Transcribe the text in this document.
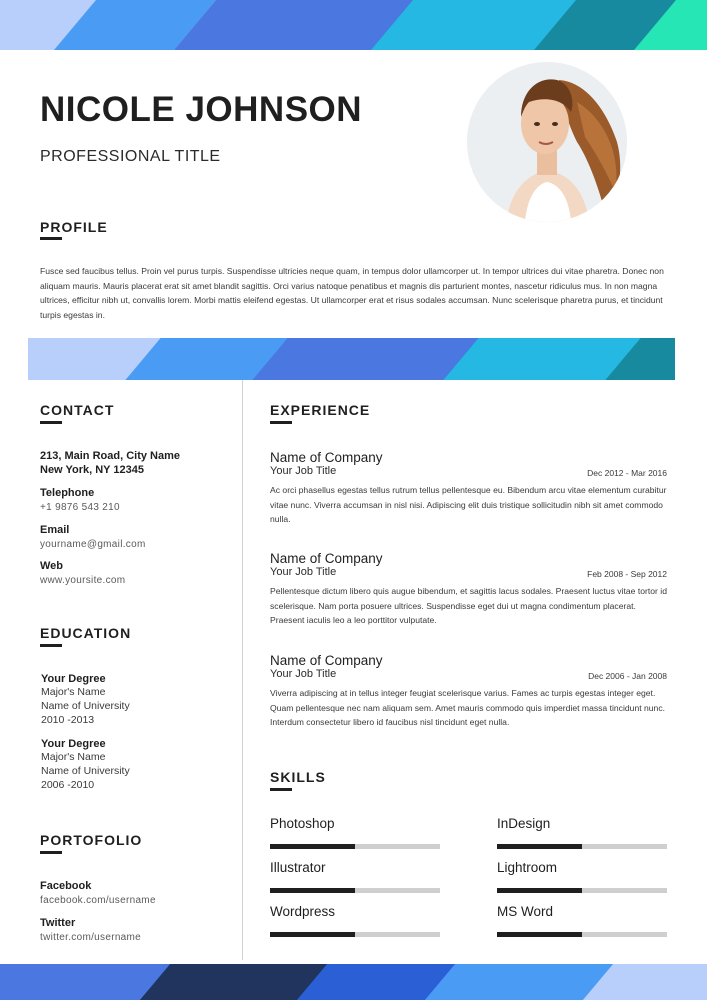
NICOLE JOHNSON
PROFESSIONAL TITLE
PROFILE
Fusce sed faucibus tellus. Proin vel purus turpis. Suspendisse ultricies neque quam, in tempus dolor ullamcorper ut. In tempor ultrices dui vitae pharetra. Donec non aliquam mauris. Mauris placerat erat sit amet blandit sagittis. Orci varius natoque penatibus et magnis dis parturient montes, nascetur ridiculus mus. In non magna ultrices, efficitur nibh ut, convallis lorem. Morbi mattis eleifend egestas. Ut ullamcorper erat et risus sodales accumsan. Nunc scelerisque pharetra purus, et tincidunt turpis egestas in.
CONTACT
213, Main Road, City Name
New York, NY 12345
Telephone
+1 9876 543 210
Email
yourname@gmail.com
Web
www.yoursite.com
EDUCATION
Your Degree
Major's Name
Name of University
2010 -2013
Your Degree
Major's Name
Name of University
2006 -2010
PORTOFOLIO
Facebook
facebook.com/username
Twitter
twitter.com/username
EXPERIENCE
Name of Company
Your Job Title	Dec 2012 - Mar 2016
Ac orci phasellus egestas tellus rutrum tellus pellentesque eu. Bibendum arcu vitae elementum curabitur vitae nunc. Viverra accumsan in nisl nisi. Adipiscing elit duis tristique sollicitudin nibh sit amet commodo nulla.
Name of Company
Your Job Title	Feb 2008 - Sep 2012
Pellentesque dictum libero quis augue bibendum, et sagittis lacus sodales. Praesent luctus vitae tortor id scelerisque. Nam porta posuere ultrices. Suspendisse eget dui ut magna condimentum placerat. Praesent iaculis leo a leo porttitor vulputate.
Name of Company
Your Job Title	Dec 2006 - Jan 2008
Viverra adipiscing at in tellus integer feugiat scelerisque varius. Fames ac turpis egestas integer eget. Quam pellentesque nec nam aliquam sem. Amet mauris commodo quis imperdiet massa tincidunt nunc. Interdum consectetur libero id faucibus nisl tincidunt eget nulla.
SKILLS
Photoshop	InDesign
Illustrator	Lightroom
Wordpress	MS Word
